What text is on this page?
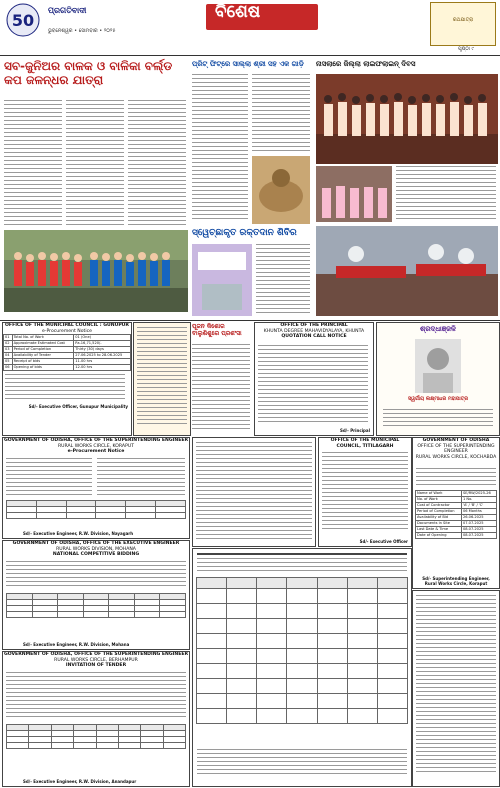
50
ପ୍ରଗତିବାଦୀ
ଭୁବନେଶ୍ୱର • ସୋମବାର • ୨୦୨୫
ବିଶେଷ	ରଥଯାତ୍ରା
ପୃଷ୍ଠା ୯
ସବ-ଜୁନିଅର ବାଳକ ଓ ବାଳିକା ବର୍ଲ୍ଡ କପ ଜଳନ୍ଧର ଯାତ୍ରା
ପ୍ରିଟ୍ ଫିଟ୍‌ରେ ସାଲ୍ଲା ଶ୍ରୀ ସହ ଏକ ଗାଡ଼ି	ନାସଲାରେ ଜିଲ୍ଲା ଲାଇଫଲାଇନ୍ ଦିବସ
ସ୍ୱେଚ୍ଛାକୃତ ରକ୍ତଦାନ ଶିବିର
OFFICE OF THE MUNICIPAL COUNCIL : GUNUPUR
e-Procurement Notice
01	Total No. of Work	01 (One)
02	Approximate Estimated Cost	Rs.16,71,520/-
03	Period of Completion	Thirty (30) days
04	Availability of Tender	27.06.2025 to 28.06.2025
05	Receipt of bids	11.00 hrs
06	Opening of bids	12.00 hrs
Sd/- Executive Officer, Gunupur Municipality
ପୂଜନ କିଶୋର ବାଲୁଶିଶୁରେ ପ୍ରଶଂସା
OFFICE OF THE PRINCIPAL
KHUNTA DEGREE MAHAVIDYALAYA, KHUNTA
QUOTATION CALL NOTICE
Sd/- Principal
ଶ୍ରଦ୍ଧାଞ୍ଜଳି
ସ୍ୱର୍ଗୀୟ ଲକ୍ଷ୍ମୀଧର ମହାପାତ୍ର
GOVERNMENT OF ODISHA, OFFICE OF THE SUPERINTENDING ENGINEER
RURAL WORKS CIRCLE, KORAPUT
e-Procurement Notice

Sd/- Executive Engineer, R.W. Division, Nayagarh
GOVERNMENT OF ODISHA, OFFICE OF THE EXECUTIVE ENGINEER
RURAL WORKS DIVISION, MOHANA
NATIONAL COMPETITIVE BIDDING

Sd/- Executive Engineer, R.W. Division, Mohana
GOVERNMENT OF ODISHA, OFFICE OF THE SUPERINTENDING ENGINEER
RURAL WORKS CIRCLE, BERHAMPUR
INVITATION OF TENDER

Sd/- Executive Engineer, R.W. Division, Anandapur
OFFICE OF THE MUNICIPAL COUNCIL, TITILAGARH
Sd/- Executive Officer
GOVERNMENT OF ODISHA
OFFICE OF THE SUPERINTENDING ENGINEER
RURAL WORKS CIRCLE, KOCHABDA
Name of Work	SE/RW/2025-26
No. of Work	1 No.
Cost of Contractor	'A' / 'B' / 'C'
Period of Completion	06 Months
Availability of Bid	26.06.2025
Documents in Site	07.07.2025
Last Date & Time	08.07.2025
Date of Opening	08.07.2025
Sd/- Superintending Engineer, Rural Works Circle, Koraput
